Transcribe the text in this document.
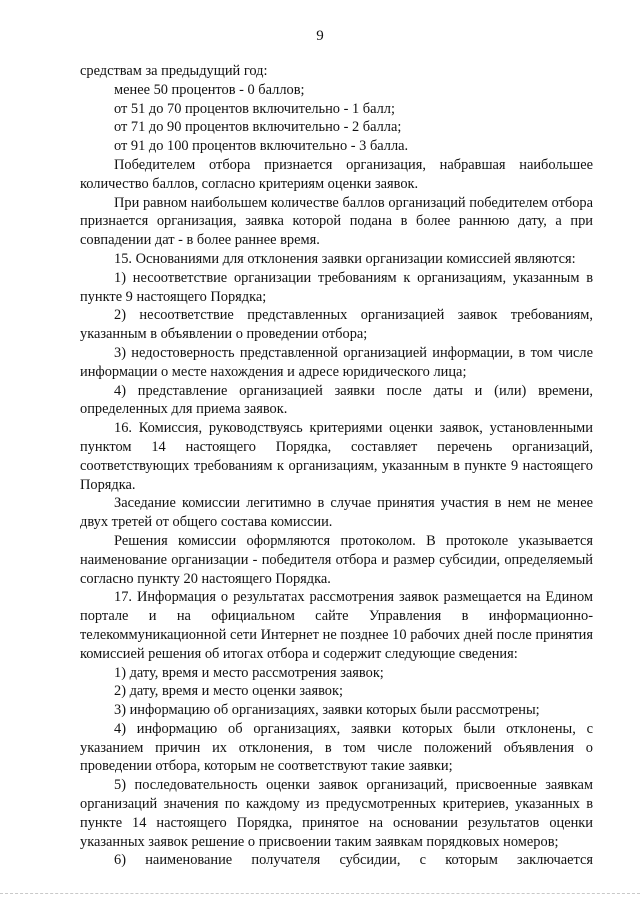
9

средствам за предыдущий год:

менее 50 процентов - 0 баллов;

от 51 до 70 процентов включительно - 1 балл;

от 71 до 90 процентов включительно - 2 балла;

от 91 до 100 процентов включительно - 3 балла.

Победителем отбора признается организация, набравшая наибольшее количество баллов, согласно критериям оценки заявок.

При равном наибольшем количестве баллов организаций победителем отбора признается организация, заявка которой подана в более раннюю дату, а при совпадении дат - в более раннее время.

15. Основаниями для отклонения заявки организации комиссией являются:

1) несоответствие организации требованиям к организациям, указанным в пункте 9 настоящего Порядка;

2) несоответствие представленных организацией заявок требованиям, указанным в объявлении о проведении отбора;

3) недостоверность представленной организацией информации, в том числе информации о месте нахождения и адресе юридического лица;

4) представление организацией заявки после даты и (или) времени, определенных для приема заявок.

16. Комиссия, руководствуясь критериями оценки заявок, установленными пунктом 14 настоящего Порядка, составляет перечень организаций, соответствующих требованиям к организациям, указанным в пункте 9 настоящего Порядка.

Заседание комиссии легитимно в случае принятия участия в нем не менее двух третей от общего состава комиссии.

Решения комиссии оформляются протоколом. В протоколе указывается наименование организации - победителя отбора и размер субсидии, определяемый согласно пункту 20 настоящего Порядка.

17. Информация о результатах рассмотрения заявок размещается на Едином портале и на официальном сайте Управления в информационно-телекоммуникационной сети Интернет не позднее 10 рабочих дней после принятия комиссией решения об итогах отбора и содержит следующие сведения:

1) дату, время и место рассмотрения заявок;

2) дату, время и место оценки заявок;

3) информацию об организациях, заявки которых были рассмотрены;

4) информацию об организациях, заявки которых были отклонены, с указанием причин их отклонения, в том числе положений объявления о проведении отбора, которым не соответствуют такие заявки;

5) последовательность оценки заявок организаций, присвоенные заявкам организаций значения по каждому из предусмотренных критериев, указанных в пункте 14 настоящего Порядка, принятое на основании результатов оценки указанных заявок решение о присвоении таким заявкам порядковых номеров;

6) наименование получателя субсидии, с которым заключается
